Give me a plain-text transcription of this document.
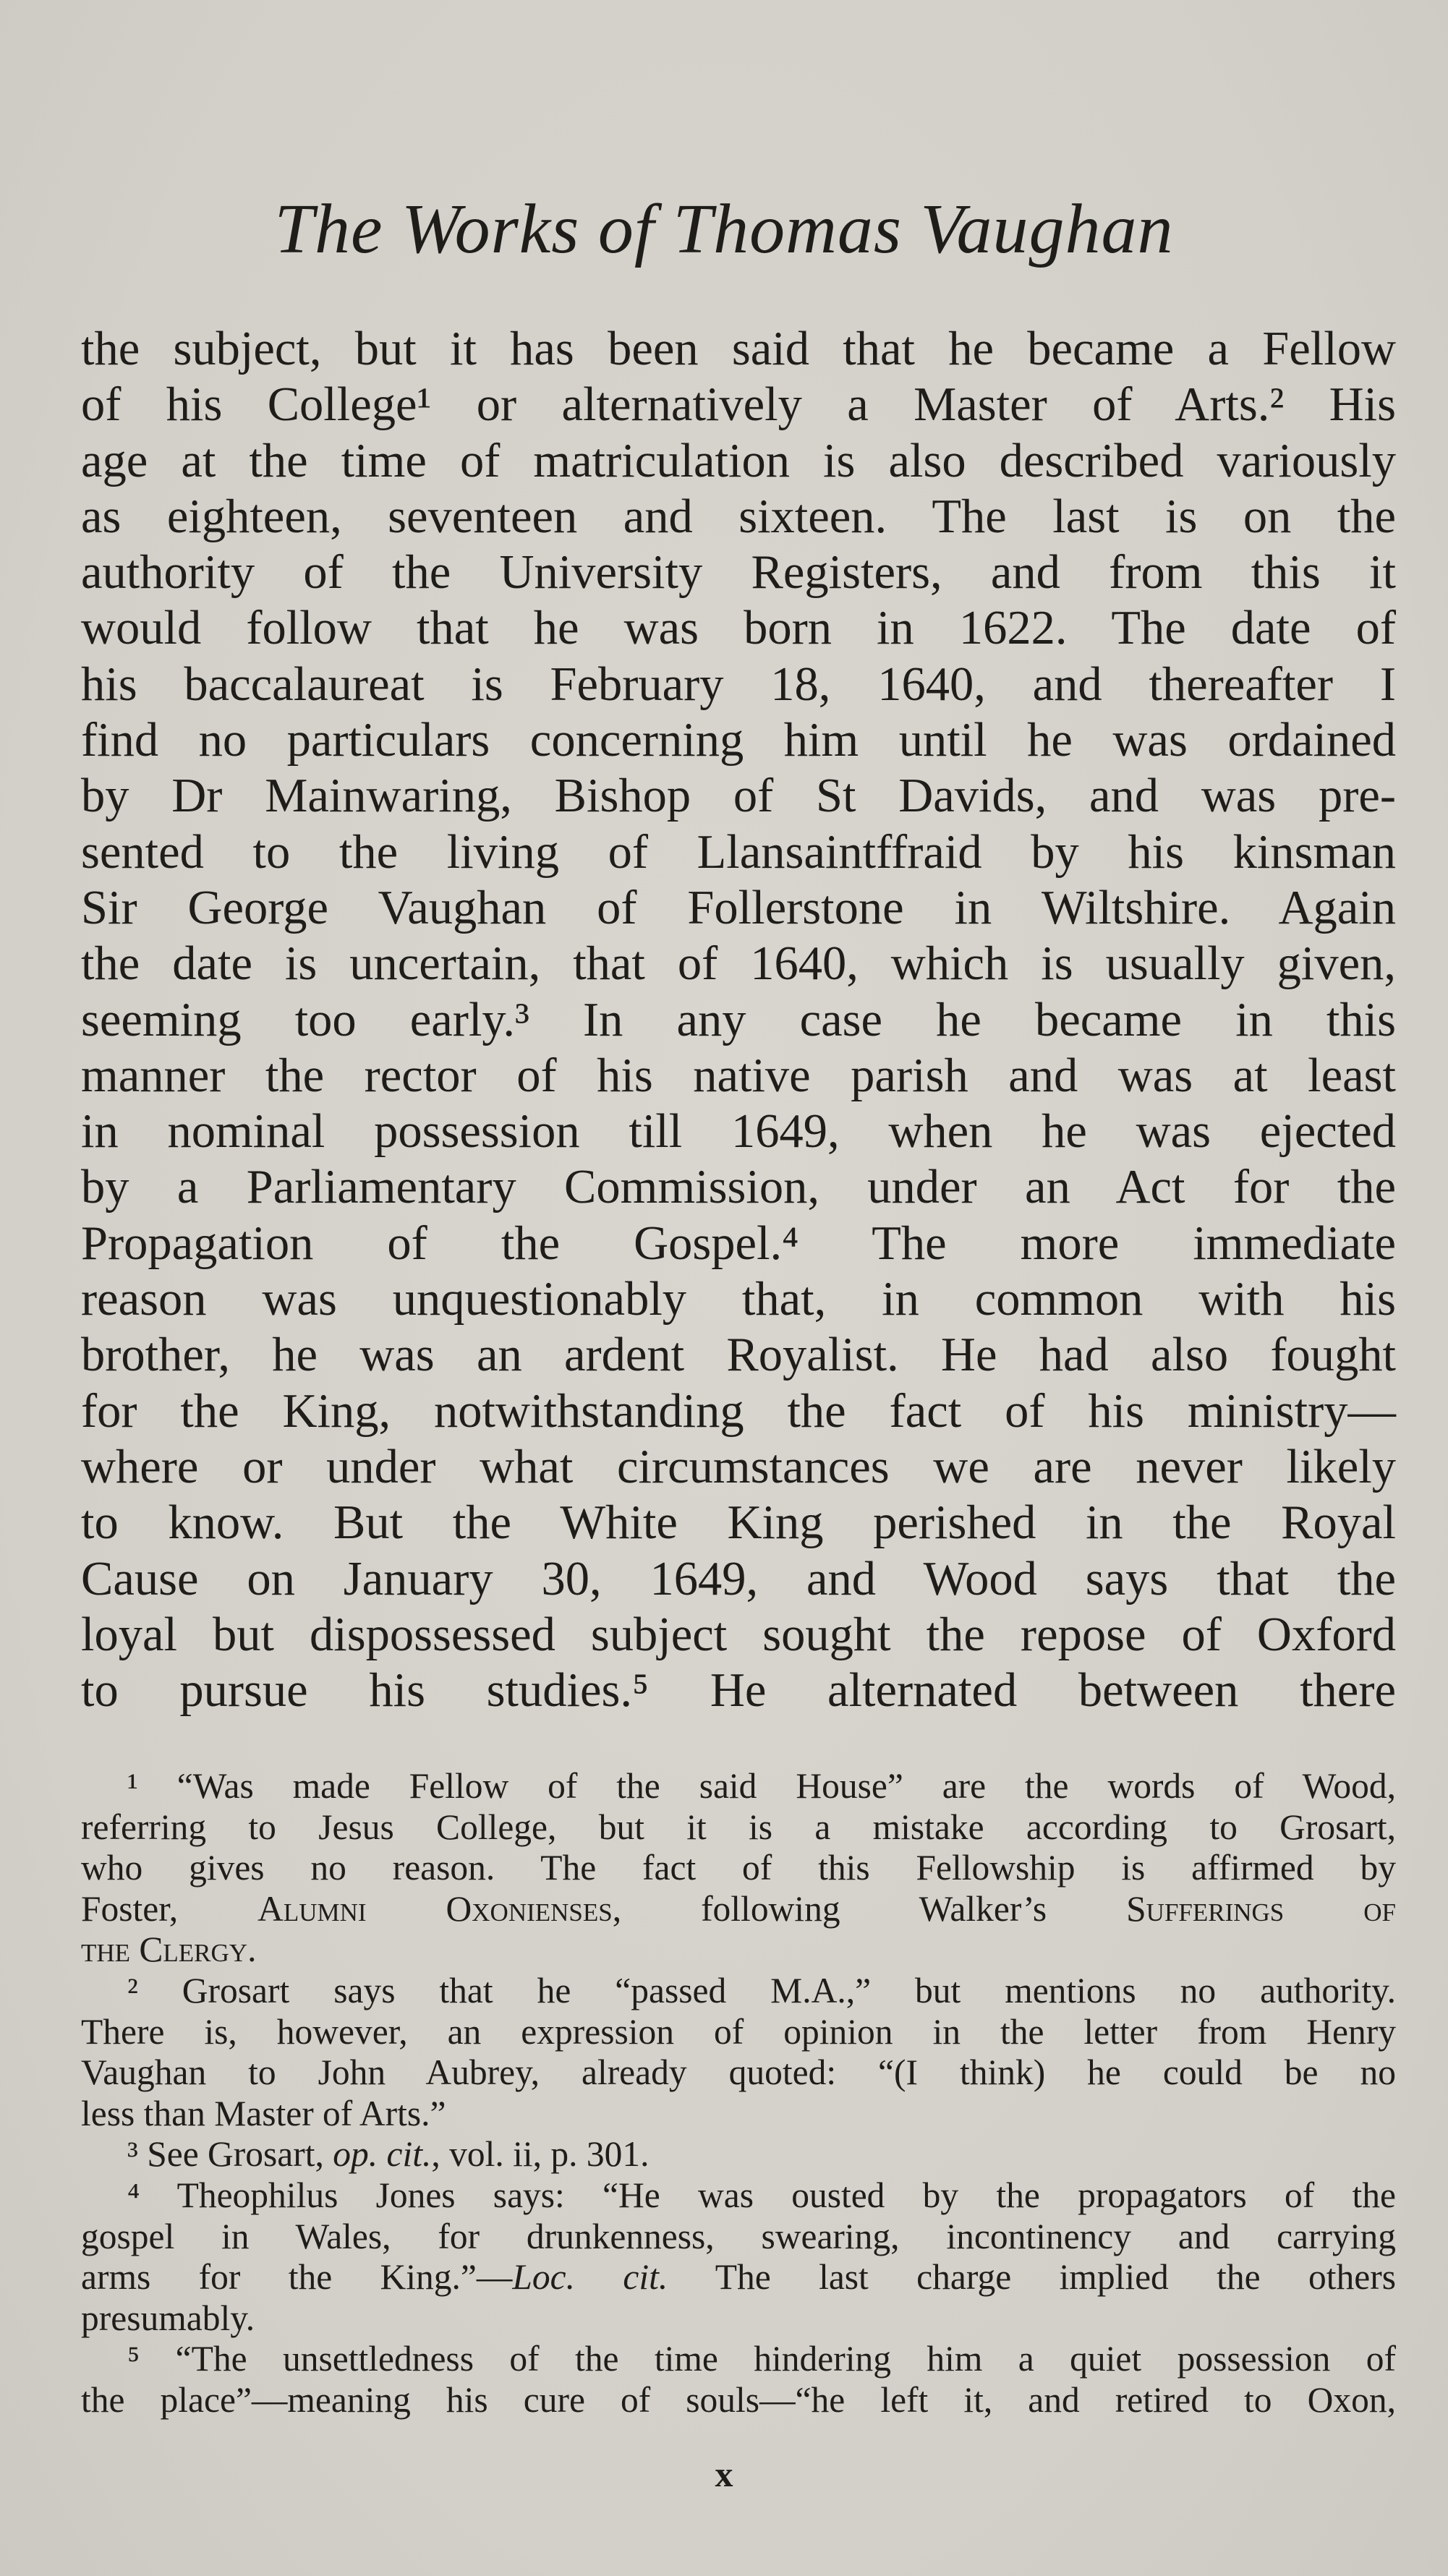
The Works of Thomas Vaughan
the subject, but it has been said that he became a Fellow
of his College¹ or alternatively a Master of Arts.² His
age at the time of matriculation is also described variously
as eighteen, seventeen and sixteen. The last is on the
authority of the University Registers, and from this it
would follow that he was born in 1622. The date of
his baccalaureat is February 18, 1640, and thereafter I
find no particulars concerning him until he was ordained
by Dr Mainwaring, Bishop of St Davids, and was pre-
sented to the living of Llansaintffraid by his kinsman
Sir George Vaughan of Follerstone in Wiltshire. Again
the date is uncertain, that of 1640, which is usually given,
seeming too early.³ In any case he became in this
manner the rector of his native parish and was at least
in nominal possession till 1649, when he was ejected
by a Parliamentary Commission, under an Act for the
Propagation of the Gospel.⁴ The more immediate
reason was unquestionably that, in common with his
brother, he was an ardent Royalist. He had also fought
for the King, notwithstanding the fact of his ministry—
where or under what circumstances we are never likely
to know. But the White King perished in the Royal
Cause on January 30, 1649, and Wood says that the
loyal but dispossessed subject sought the repose of Oxford
to pursue his studies.⁵ He alternated between there
¹ “Was made Fellow of the said House” are the words of Wood,
referring to Jesus College, but it is a mistake according to Grosart,
who gives no reason. The fact of this Fellowship is affirmed by
Foster, Alumni Oxonienses, following Walker’s Sufferings of
the Clergy.
² Grosart says that he “passed M.A.,” but mentions no authority.
There is, however, an expression of opinion in the letter from Henry
Vaughan to John Aubrey, already quoted: “(I think) he could be no
less than Master of Arts.”
³ See Grosart, op. cit., vol. ii, p. 301.
⁴ Theophilus Jones says: “He was ousted by the propagators of the
gospel in Wales, for drunkenness, swearing, incontinency and carrying
arms for the King.”—Loc. cit. The last charge implied the others
presumably.
⁵ “The unsettledness of the time hindering him a quiet possession of
the place”—meaning his cure of souls—“he left it, and retired to Oxon,
x
